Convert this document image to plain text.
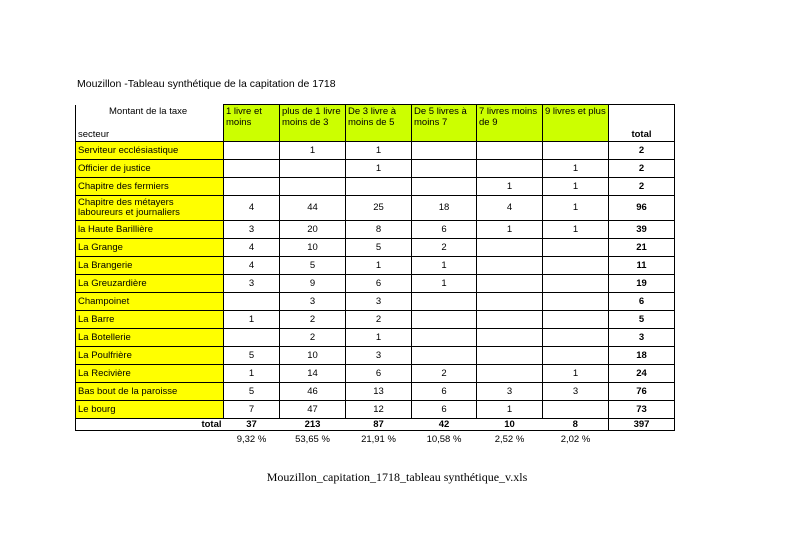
Mouzillon -Tableau synthétique de la capitation de 1718
Montant de la taxe
secteur	1 livre et moins	plus de 1 livre moins de 3	De 3 livre à moins de 5	De 5 livres à moins 7	7 livres moins de 9	9 livres et plus	total
Serviteur ecclésiastique		1	1				2
Officier de justice			1			1	2
Chapitre des fermiers					1	1	2
Chapitre des métayers laboureurs et journaliers	4	44	25	18	4	1	96
la Haute Barillière	3	20	8	6	1	1	39
La Grange	4	10	5	2			21
La Brangerie	4	5	1	1			11
La Greuzardière	3	9	6	1			19
Champoinet		3	3				6
La Barre	1	2	2				5
La Botellerie		2	1				3
La Poulfrière	5	10	3				18
La Recivière	1	14	6	2		1	24
Bas bout de la paroisse	5	46	13	6	3	3	76
Le bourg	7	47	12	6	1		73
total	37	213	87	42	10	8	397
	9,32 %	53,65 %	21,91 %	10,58 %	2,52 %	2,02 %	
Mouzillon_capitation_1718_tableau synthétique_v.xls
